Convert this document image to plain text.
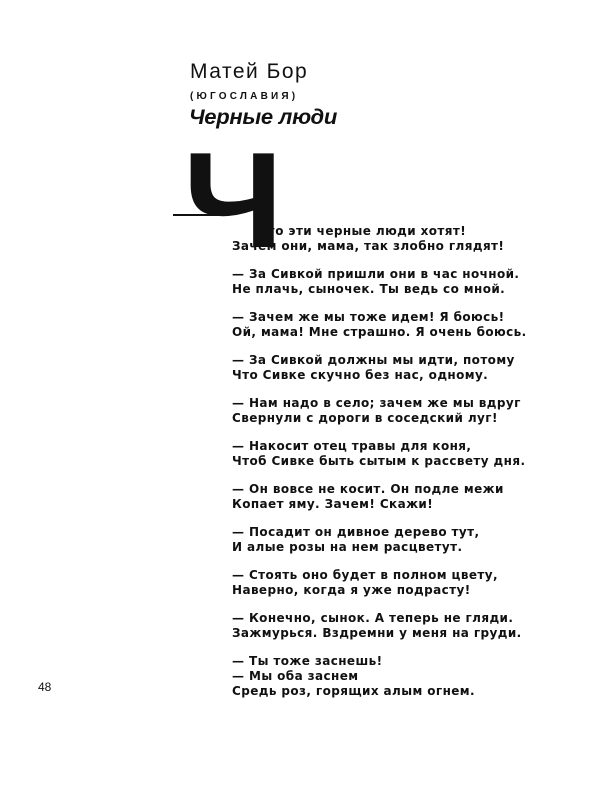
Матей Бор
(ЮГОСЛАВИЯ)
Черные люди
Ч
его эти черные люди хотят!
Зачем они, мама, так злобно глядят!
— За Сивкой пришли они в час ночной.
Не плачь, сыночек. Ты ведь со мной.
— Зачем же мы тоже идем! Я боюсь!
Ой, мама! Мне страшно. Я очень боюсь.
— За Сивкой должны мы идти, потому
Что Сивке скучно без нас, одному.
— Нам надо в село; зачем же мы вдруг
Свернули с дороги в соседский луг!
— Накосит отец травы для коня,
Чтоб Сивке быть сытым к рассвету дня.
— Он вовсе не косит. Он подле межи
Копает яму. Зачем! Скажи!
— Посадит он дивное дерево тут,
И алые розы на нем расцветут.
— Стоять оно будет в полном цвету,
Наверно, когда я уже подрасту!
— Конечно, сынок. А теперь не гляди.
Зажмурься. Вздремни у меня на груди.
— Ты тоже заснешь!
— Мы оба заснем
Средь роз, горящих алым огнем.
48
